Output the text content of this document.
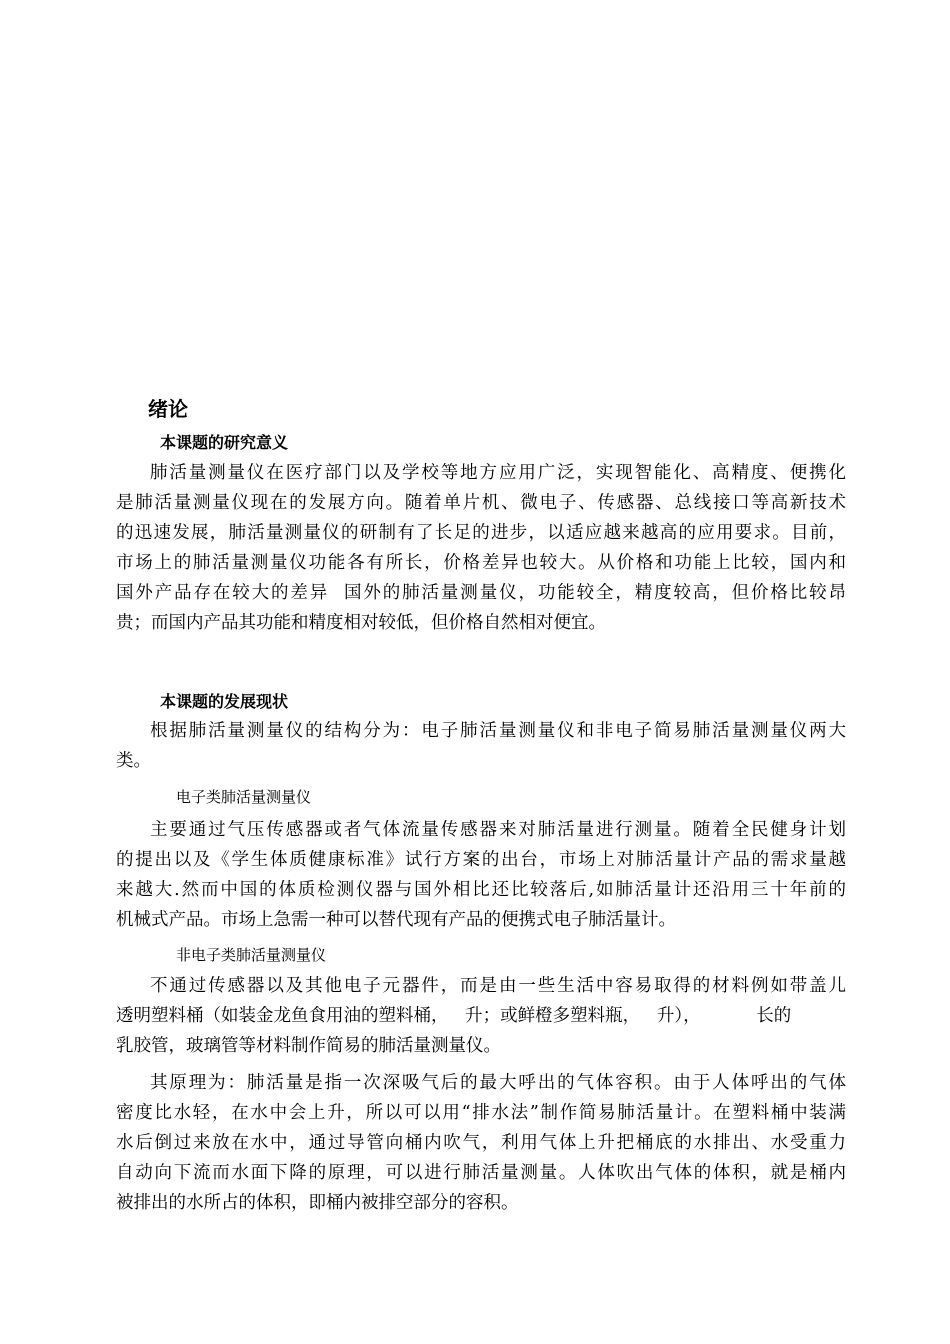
绪论
本课题的研究意义
肺活量测量仪在医疗部门以及学校等地方应用广泛，实现智能化、高精度、便携化
是肺活量测量仪现在的发展方向。随着单片机、微电子、传感器、总线接口等高新技术
的迅速发展，肺活量测量仪的研制有了长足的进步，以适应越来越高的应用要求。目前，
市场上的肺活量测量仪功能各有所长，价格差异也较大。从价格和功能上比较，国内和
国外产品存在较大的差异  国外的肺活量测量仪，功能较全，精度较高，但价格比较昂
贵；而国内产品其功能和精度相对较低，但价格自然相对便宜。
本课题的发展现状
根据肺活量测量仪的结构分为：电子肺活量测量仪和非电子简易肺活量测量仪两大
类。
电子类肺活量测量仪
主要通过气压传感器或者气体流量传感器来对肺活量进行测量。随着全民健身计划
的提出以及《学生体质健康标准》试行方案的出台，市场上对肺活量计产品的需求量越
来越大.然而中国的体质检测仪器与国外相比还比较落后,如肺活量计还沿用三十年前的
机械式产品。市场上急需一种可以替代现有产品的便携式电子肺活量计。
非电子类肺活量测量仪
不通过传感器以及其他电子元器件，而是由一些生活中容易取得的材料例如带盖儿
透明塑料桶（如装金龙鱼食用油的塑料桶，   升；或鲜橙多塑料瓶，   升），          长的
乳胶管，玻璃管等材料制作简易的肺活量测量仪。
其原理为：肺活量是指一次深吸气后的最大呼出的气体容积。由于人体呼出的气体
密度比水轻，在水中会上升，所以可以用“排水法”制作简易肺活量计。在塑料桶中装满
水后倒过来放在水中，通过导管向桶内吹气，利用气体上升把桶底的水排出、水受重力
自动向下流而水面下降的原理，可以进行肺活量测量。人体吹出气体的体积，就是桶内
被排出的水所占的体积，即桶内被排空部分的容积。
